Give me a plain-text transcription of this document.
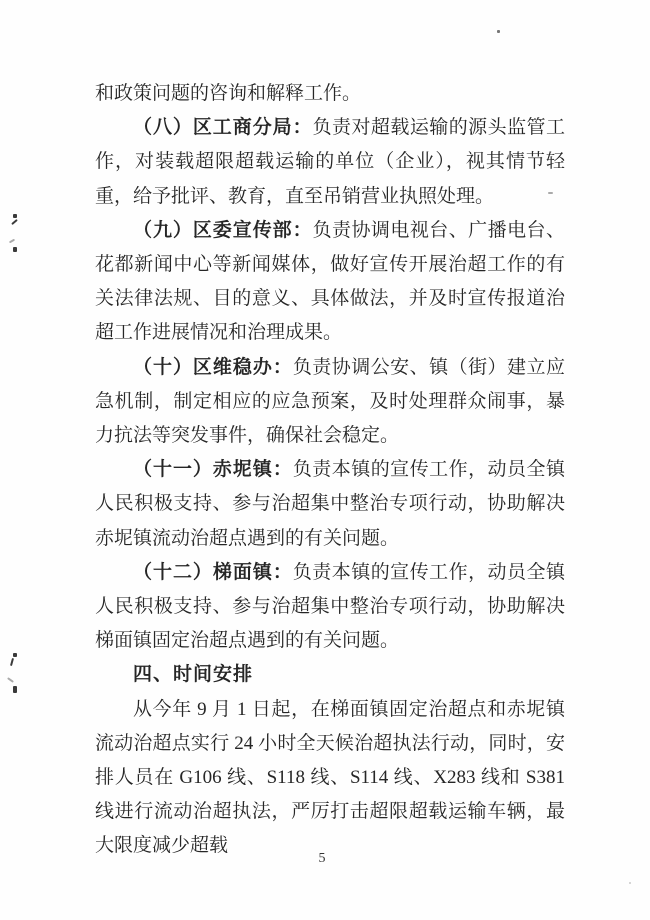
和政策问题的咨询和解释工作。

（八）区工商分局：负责对超载运输的源头监管工作，对装载超限超载运输的单位（企业），视其情节轻重，给予批评、教育，直至吊销营业执照处理。

（九）区委宣传部：负责协调电视台、广播电台、花都新闻中心等新闻媒体，做好宣传开展治超工作的有关法律法规、目的意义、具体做法，并及时宣传报道治超工作进展情况和治理成果。

（十）区维稳办：负责协调公安、镇（街）建立应急机制，制定相应的应急预案，及时处理群众闹事，暴力抗法等突发事件，确保社会稳定。

（十一）赤坭镇：负责本镇的宣传工作，动员全镇人民积极支持、参与治超集中整治专项行动，协助解决赤坭镇流动治超点遇到的有关问题。

（十二）梯面镇：负责本镇的宣传工作，动员全镇人民积极支持、参与治超集中整治专项行动，协助解决梯面镇固定治超点遇到的有关问题。

四、时间安排

从今年 9 月 1 日起，在梯面镇固定治超点和赤坭镇流动治超点实行 24 小时全天候治超执法行动，同时，安排人员在 G106 线、S118 线、S114 线、X283 线和 S381 线进行流动治超执法，严厉打击超限超载运输车辆，最大限度减少超载

5
